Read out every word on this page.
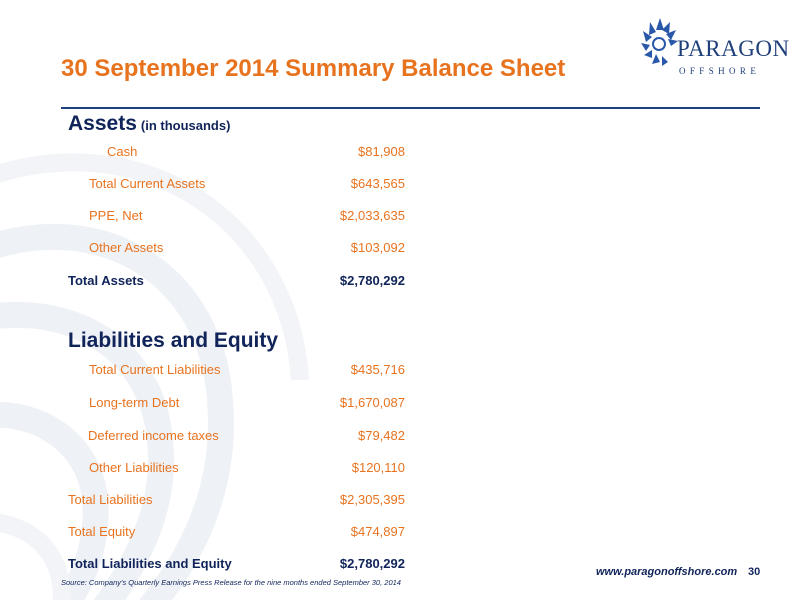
PARAGON
OFFSHORE
30 September 2014 Summary Balance Sheet
Assets (in thousands)
Cash	$81,908
Total Current Assets	$643,565
PPE, Net	$2,033,635
Other Assets	$103,092
Total Assets	$2,780,292
Liabilities and Equity
Total Current Liabilities	$435,716
Long-term Debt	$1,670,087
Deferred income taxes	$79,482
Other Liabilities	$120,110
Total Liabilities	$2,305,395
Total Equity	$474,897
Total Liabilities and Equity	$2,780,292
Source: Company's Quarterly Earnings Press Release for the nine months ended September 30, 2014
www.paragonoffshore.com 30
